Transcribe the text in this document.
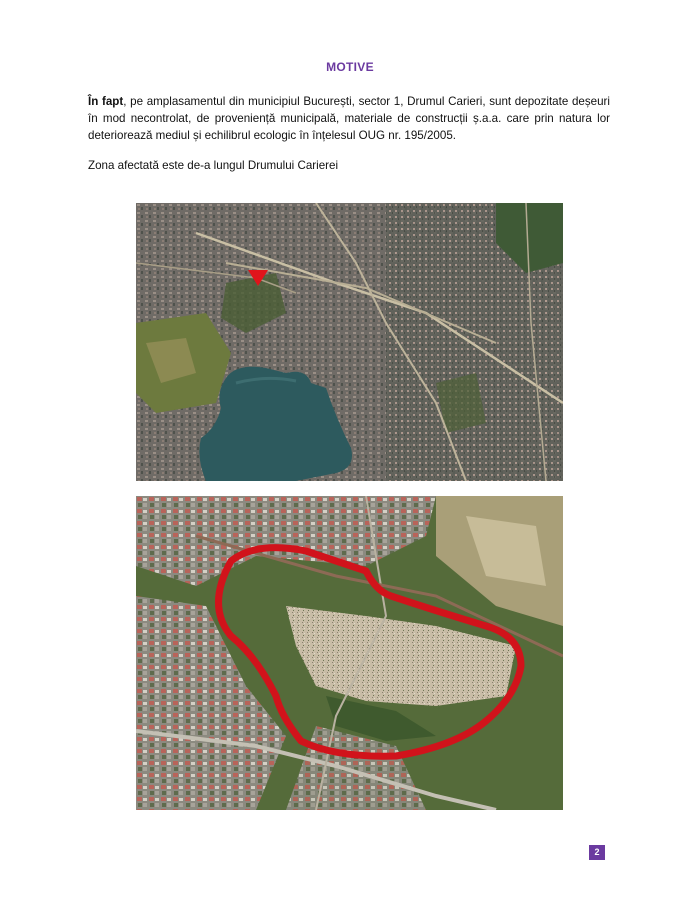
MOTIVE
În fapt, pe amplasamentul din municipiul București, sector 1, Drumul Carieri, sunt depozitate deșeuri în mod necontrolat, de proveniență municipală, materiale de construcții ș.a.a. care prin natura lor deteriorează mediul și echilibrul ecologic în înțelesul OUG nr. 195/2005.
Zona afectată este de-a lungul Drumului Carierei
2
